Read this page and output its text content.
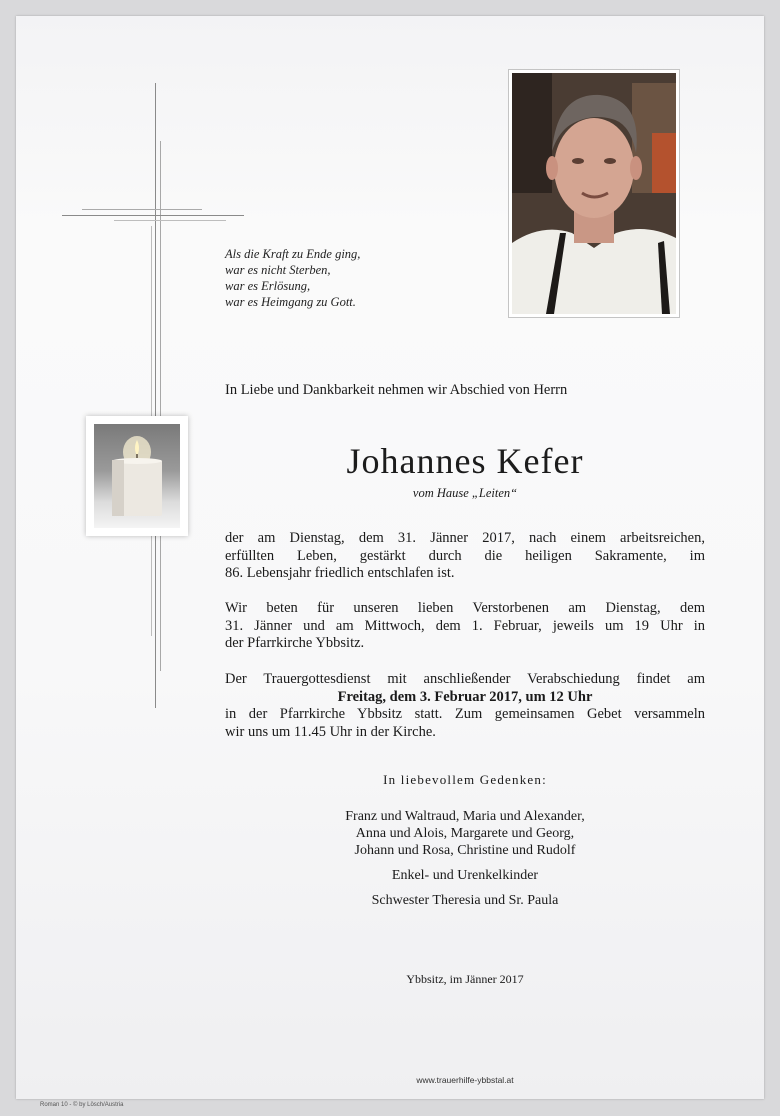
Als die Kraft zu Ende ging,
war es nicht Sterben,
war es Erlösung,
war es Heimgang zu Gott.
In Liebe und Dankbarkeit nehmen wir Abschied von Herrn
Johannes Kefer
vom Hause „Leiten“
der am Dienstag, dem 31. Jänner 2017, nach einem arbeitsreichen,
erfüllten Leben, gestärkt durch die heiligen Sakramente, im
86. Lebensjahr friedlich entschlafen ist.
Wir beten für unseren lieben Verstorbenen am Dienstag, dem
31. Jänner und am Mittwoch, dem 1. Februar, jeweils um 19 Uhr in
der Pfarrkirche Ybbsitz.
Der Trauergottesdienst mit anschließender Verabschiedung findet am
Freitag, dem 3. Februar 2017, um 12 Uhr
in der Pfarrkirche Ybbsitz statt. Zum gemeinsamen Gebet versammeln
wir uns um 11.45 Uhr in der Kirche.
In liebevollem Gedenken:
Franz und Waltraud, Maria und Alexander,
Anna und Alois, Margarete und Georg,
Johann und Rosa, Christine und Rudolf
Enkel- und Urenkelkinder
Schwester Theresia und Sr. Paula
Ybbsitz, im Jänner 2017
www.trauerhilfe-ybbstal.at
Roman 10 - © by Lösch/Austria
